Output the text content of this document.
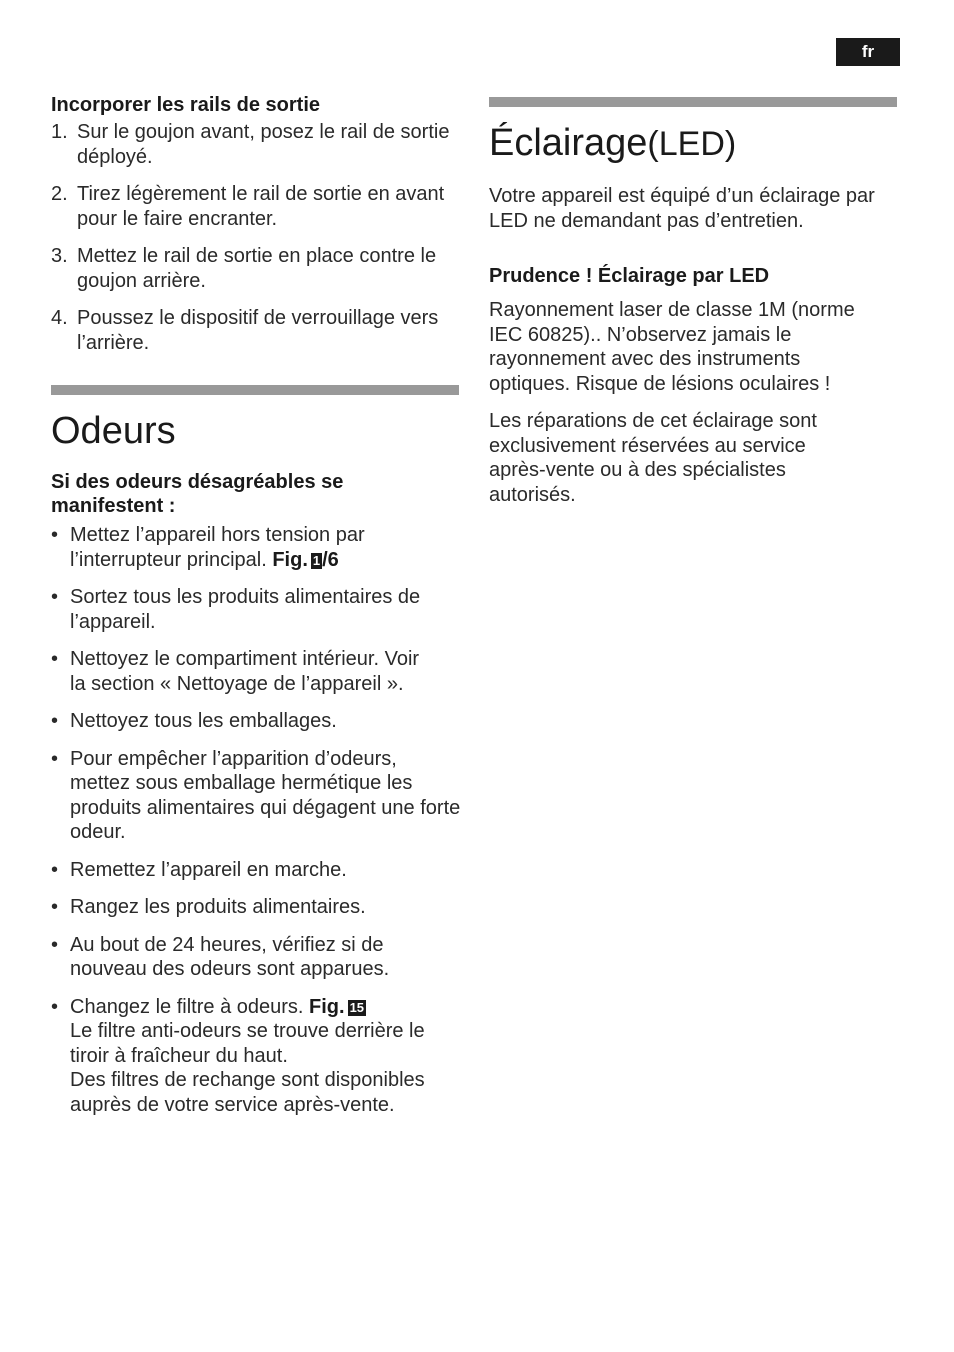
fr
Incorporer les rails de sortie
1. Sur le goujon avant, posez le rail de sortie déployé.
2. Tirez légèrement le rail de sortie en avant pour le faire encranter.
3. Mettez le rail de sortie en place contre le goujon arrière.
4. Poussez le dispositif de verrouillage vers l’arrière.
Odeurs
Si des odeurs désagréables se manifestent :
• Mettez l’appareil hors tension par l’interrupteur principal. Fig. 1 /6
• Sortez tous les produits alimentaires de l’appareil.
• Nettoyez le compartiment intérieur. Voir la section « Nettoyage de l’appareil ».
• Nettoyez tous les emballages.
• Pour empêcher l’apparition d’odeurs, mettez sous emballage hermétique les produits alimentaires qui dégagent une forte odeur.
• Remettez l’appareil en marche.
• Rangez les produits alimentaires.
• Au bout de 24 heures, vérifiez si de nouveau des odeurs sont apparues.
• Changez le filtre à odeurs. Fig. 15
Le filtre anti-odeurs se trouve derrière le tiroir à fraîcheur du haut.
Des filtres de rechange sont disponibles auprès de votre service après-vente.
Éclairage(LED)

Votre appareil est équipé d’un éclairage par LED ne demandant pas d’entretien.

Prudence ! Éclairage par LED

Rayonnement laser de classe 1M (norme IEC 60825).. N’observez jamais le rayonnement avec des instruments optiques. Risque de lésions oculaires !

Les réparations de cet éclairage sont exclusivement réservées au service après-vente ou à des spécialistes autorisés.
